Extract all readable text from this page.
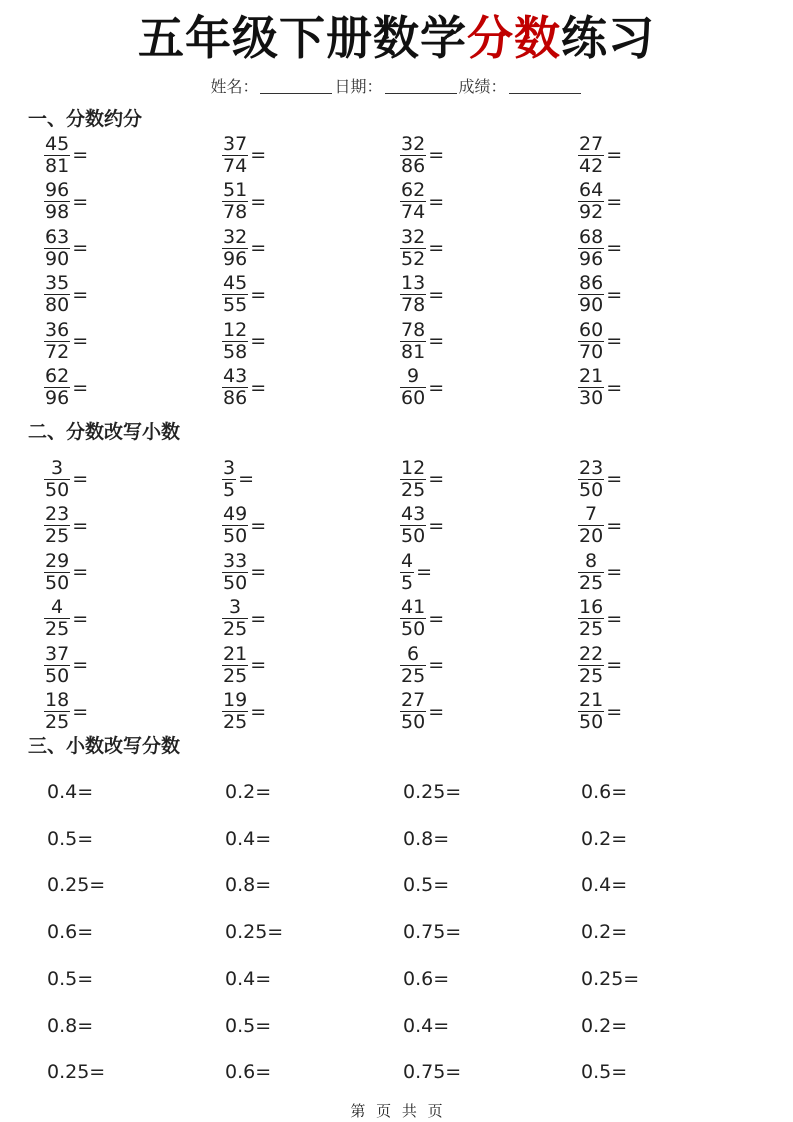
五年级下册数学分数练习
姓名：	日期：	成绩：
一、分数约分
$\frac{45}{81}$ =	$\frac{37}{74}$ =	$\frac{32}{86}$ =	$\frac{27}{42}$ =
$\frac{96}{98}$ =	$\frac{51}{78}$ =	$\frac{62}{74}$ =	$\frac{64}{92}$ =
$\frac{63}{90}$ =	$\frac{32}{96}$ =	$\frac{32}{52}$ =	$\frac{68}{96}$ =
$\frac{35}{80}$ =	$\frac{45}{55}$ =	$\frac{13}{78}$ =	$\frac{86}{90}$ =
$\frac{36}{72}$ =	$\frac{12}{58}$ =	$\frac{78}{81}$ =	$\frac{60}{70}$ =
$\frac{62}{96}$ =	$\frac{43}{86}$ =	$\frac{9}{60}$ =	$\frac{21}{30}$ =
二、分数改写小数
$\frac{3}{50}$ =	$\frac{3}{5}$ =	$\frac{12}{25}$ =	$\frac{23}{50}$ =
$\frac{23}{25}$ =	$\frac{49}{50}$ =	$\frac{43}{50}$ =	$\frac{7}{20}$ =
$\frac{29}{50}$ =	$\frac{33}{50}$ =	$\frac{4}{5}$ =	$\frac{8}{25}$ =
$\frac{4}{25}$ =	$\frac{3}{25}$ =	$\frac{41}{50}$ =	$\frac{16}{25}$ =
$\frac{37}{50}$ =	$\frac{21}{25}$ =	$\frac{6}{25}$ =	$\frac{22}{25}$ =
$\frac{18}{25}$ =	$\frac{19}{25}$ =	$\frac{27}{50}$ =	$\frac{21}{50}$ =
三、小数改写分数
0.4=	0.2=	0.25=	0.6=
0.5=	0.4=	0.8=	0.2=
0.25=	0.8=	0.5=	0.4=
0.6=	0.25=	0.75=	0.2=
0.5=	0.4=	0.6=	0.25=
0.8=	0.5=	0.4=	0.2=
0.25=	0.6=	0.75=	0.5=
第 页 共 页
